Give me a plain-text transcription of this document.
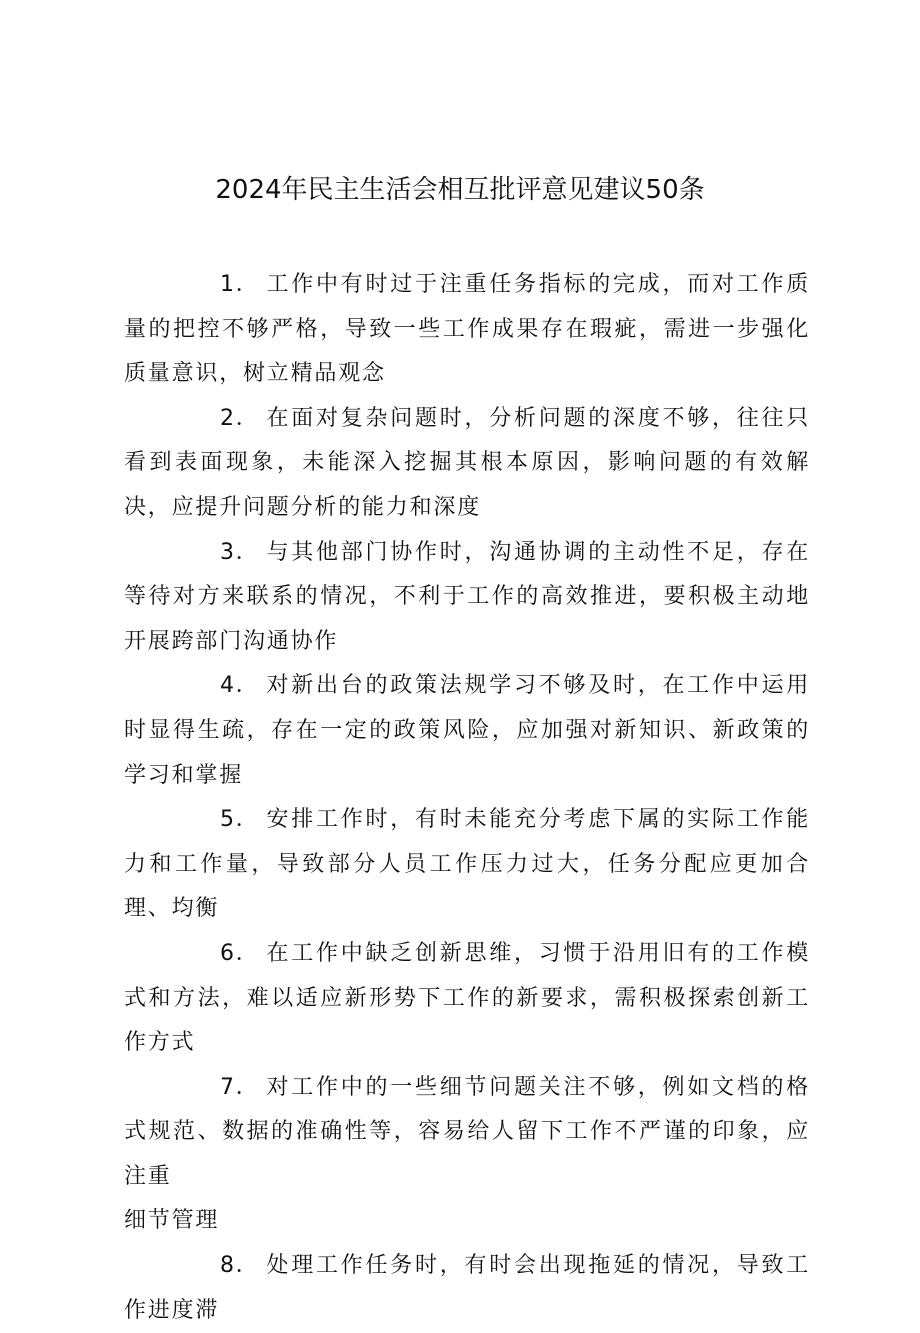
2024年民主生活会相互批评意见建议50条

1． 工作中有时过于注重任务指标的完成，而对工作质量的把控不够严格，导致一些工作成果存在瑕疵，需进一步强化质量意识，树立精品观念

2． 在面对复杂问题时，分析问题的深度不够，往往只看到表面现象，未能深入挖掘其根本原因，影响问题的有效解决，应提升问题分析的能力和深度

3． 与其他部门协作时，沟通协调的主动性不足，存在等待对方来联系的情况，不利于工作的高效推进，要积极主动地开展跨部门沟通协作

4． 对新出台的政策法规学习不够及时，在工作中运用时显得生疏，存在一定的政策风险，应加强对新知识、新政策的学习和掌握

5． 安排工作时，有时未能充分考虑下属的实际工作能力和工作量，导致部分人员工作压力过大，任务分配应更加合理、均衡

6． 在工作中缺乏创新思维，习惯于沿用旧有的工作模式和方法，难以适应新形势下工作的新要求，需积极探索创新工作方式

7． 对工作中的一些细节问题关注不够，例如文档的格式规范、数据的准确性等，容易给人留下工作不严谨的印象，应注重

细节管理

8． 处理工作任务时，有时会出现拖延的情况，导致工作进度滞
